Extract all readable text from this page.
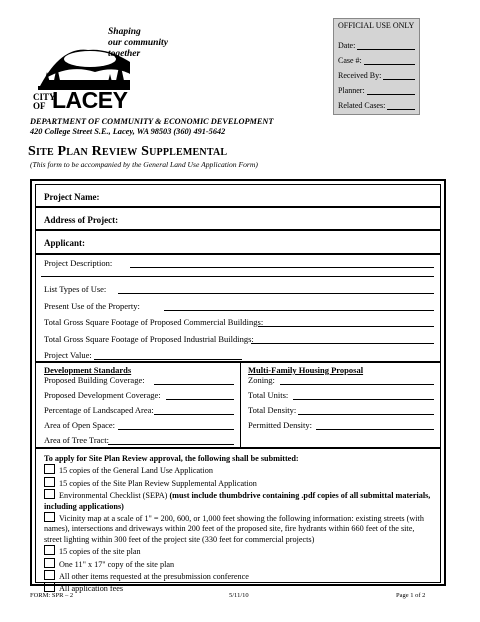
Shaping
our community
together
CITY
OF LACEY
DEPARTMENT OF COMMUNITY & ECONOMIC DEVELOPMENT
420 College Street S.E., Lacey, WA 98503 (360) 491-5642
Site Plan Review Supplemental
(This form to be accompanied by the General Land Use Application Form)
OFFICIAL USE ONLY
Date:
Case #:
Received By:
Planner:
Related Cases:
Project Name:
Address of Project:
Applicant:
Project Description:
List Types of Use:
Present Use of the Property:
Total Gross Square Footage of Proposed Commercial Buildings:
Total Gross Square Footage of Proposed Industrial Buildings:
Project Value:
Development Standards
Proposed Building Coverage:
Proposed Development Coverage:
Percentage of Landscaped Area:
Area of Open Space:
Area of Tree Tract:
Multi-Family Housing Proposal
Zoning:
Total Units:
Total Density:
Permitted Density:
To apply for Site Plan Review approval, the following shall be submitted:
15 copies of the General Land Use Application
15 copies of the Site Plan Review Supplemental Application
Environmental Checklist (SEPA) (must include thumbdrive containing .pdf copies of all submittal materials, including applications)
Vicinity map at a scale of 1" = 200, 600, or 1,000 feet showing the following information: existing streets (with names), intersections and driveways within 200 feet of the proposed site, fire hydrants within 660 feet of the site, street lighting within 300 feet of the project site (330 feet for commercial projects)
15 copies of the site plan
One 11" x 17" copy of the site plan
All other items requested at the presubmission conference
All application fees
FORM: SPR – 2	5/11/10	Page 1 of 2
